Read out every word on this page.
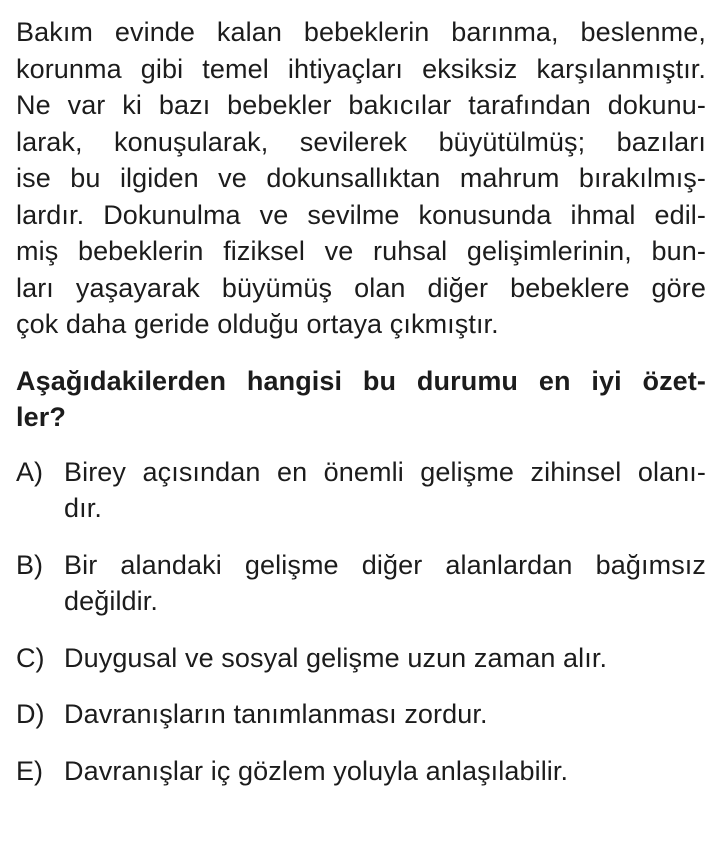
Bakım evinde kalan bebeklerin barınma, beslenme,
korunma gibi temel ihtiyaçları eksiksiz karşılanmıştır.
Ne var ki bazı bebekler bakıcılar tarafından dokunu-
larak, konuşularak, sevilerek büyütülmüş; bazıları
ise bu ilgiden ve dokunsallıktan mahrum bırakılmış-
lardır. Dokunulma ve sevilme konusunda ihmal edil-
miş bebeklerin fiziksel ve ruhsal gelişimlerinin, bun-
ları yaşayarak büyümüş olan diğer bebeklere göre
çok daha geride olduğu ortaya çıkmıştır.
Aşağıdakilerden hangisi bu durumu en iyi özet-
ler?
A) Birey açısından en önemli gelişme zihinsel olanı-
dır.
B) Bir alandaki gelişme diğer alanlardan bağımsız
değildir.
C) Duygusal ve sosyal gelişme uzun zaman alır.
D) Davranışların tanımlanması zordur.
E) Davranışlar iç gözlem yoluyla anlaşılabilir.
